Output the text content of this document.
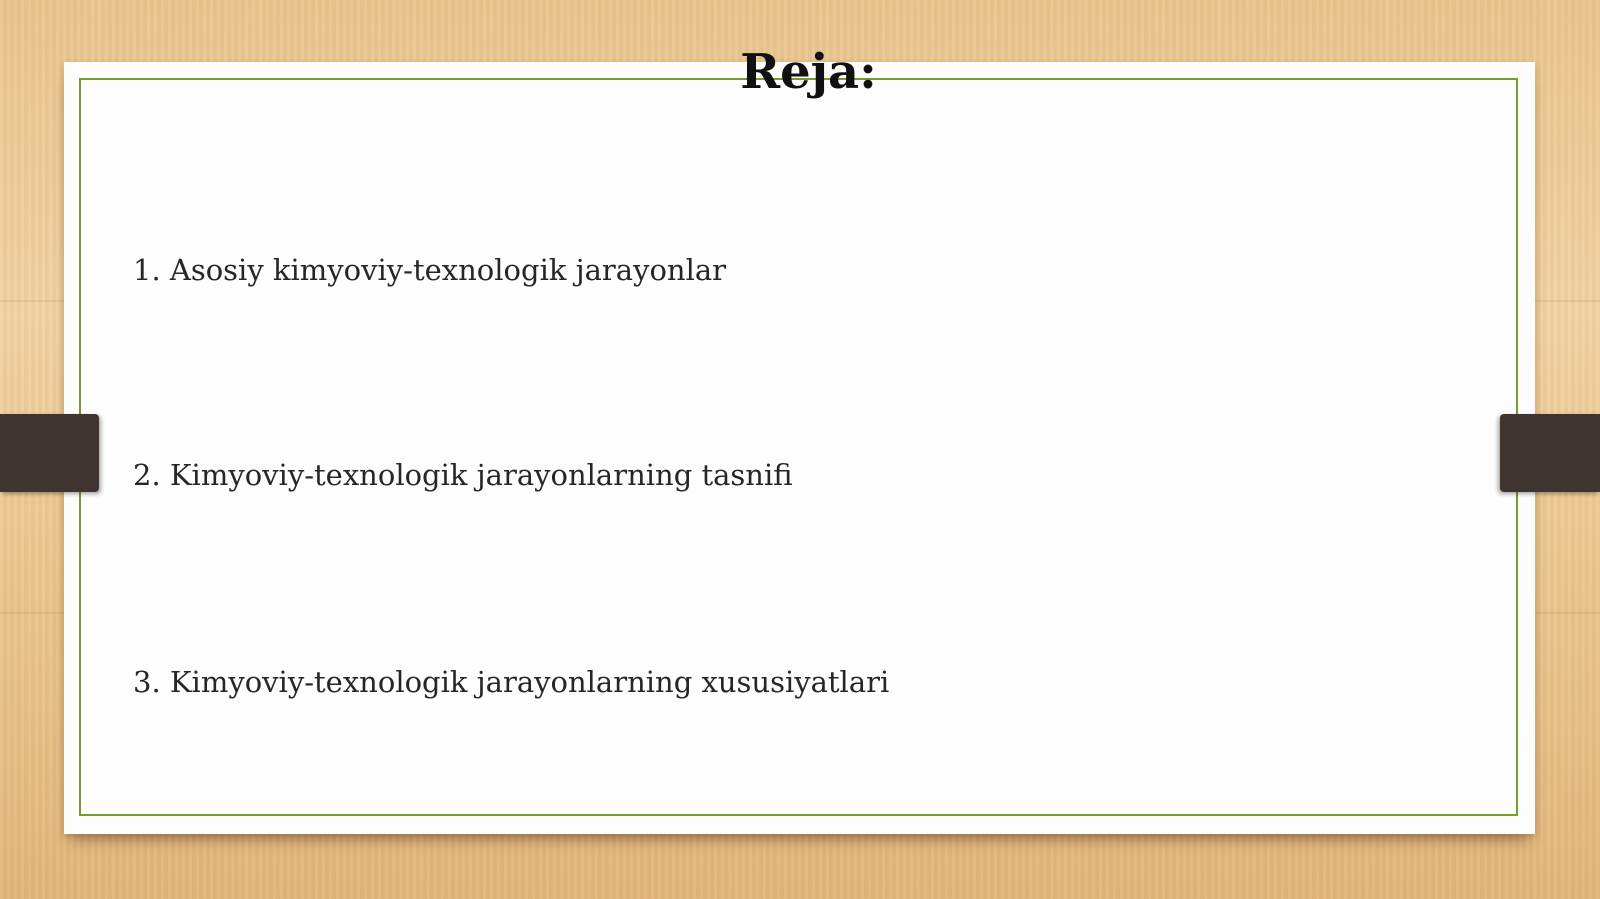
Reja:
1. Asosiy kimyoviy-texnologik jarayonlar
2. Kimyoviy-texnologik jarayonlarning tasnifi
3. Kimyoviy-texnologik jarayonlarning xususiyatlari
